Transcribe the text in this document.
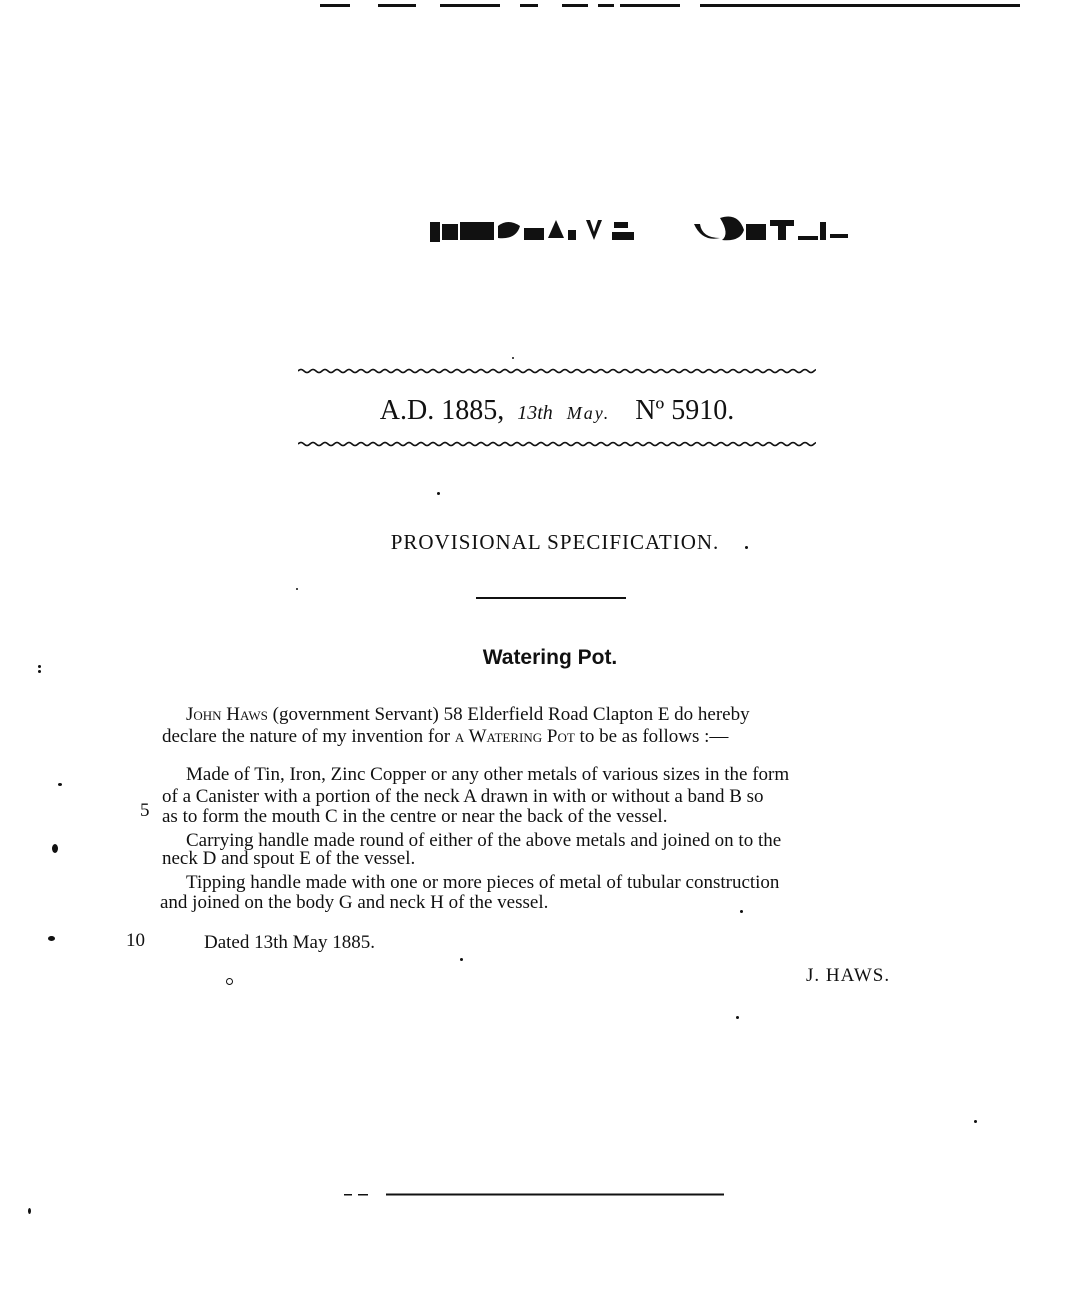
A.D. 1885, 13th May. Nº 5910.
PROVISIONAL SPECIFICATION.
Watering Pot.
John Haws (government Servant) 58 Elderfield Road Clapton E do hereby
declare the nature of my invention for a Watering Pot to be as follows :—
Made of Tin, Iron, Zinc Copper or any other metals of various sizes in the form
of a Canister with a portion of the neck A drawn in with or without a band B so
5 as to form the mouth C in the centre or near the back of the vessel.
Carrying handle made round of either of the above metals and joined on to the
neck D and spout E of the vessel.
Tipping handle made with one or more pieces of metal of tubular construction
and joined on the body G and neck H of the vessel.
10	Dated 13th May 1885.
J. HAWS.
